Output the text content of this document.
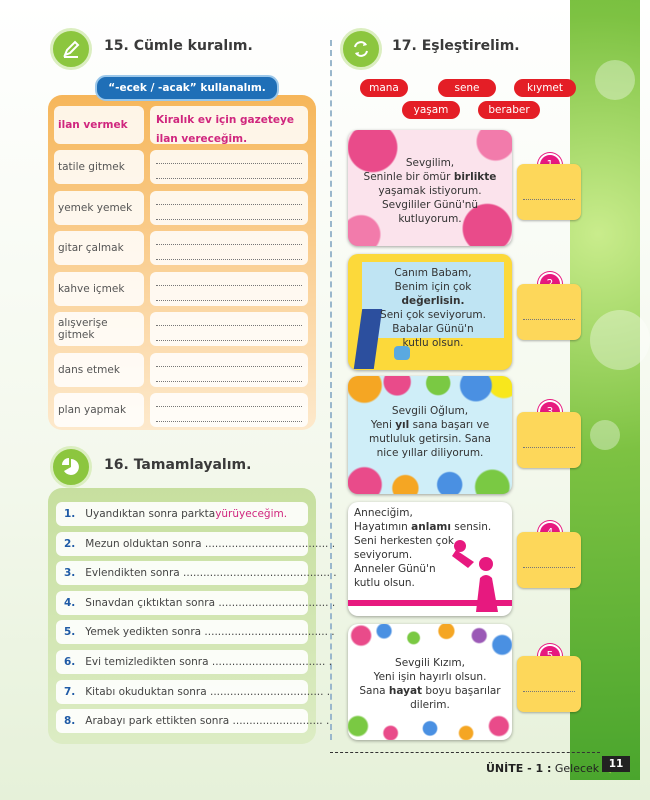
15. Cümle kuralım.
“-ecek / -acak” kullanalım.
ilan vermek	Kiralık ev için gazeteye ilan vereceğim.
tatile gitmek
yemek yemek
gitar çalmak
kahve içmek
alışverişe gitmek
dans etmek
plan yapmak
16. Tamamlayalım.
1. Uyandıktan sonra parkta yürüyeceğim.
2. Mezun olduktan sonra ..................................... .
3. Evlendikten sonra ............................................ .
4. Sınavdan çıktıktan sonra ................................. .
5. Yemek yedikten sonra ..................................... .
6. Evi temizledikten sonra .................................. .
7. Kitabı okuduktan sonra .................................. .
8. Arabayı park ettikten sonra ........................... .
17. Eşleştirelim.
mana	sene	kıymet
yaşam	beraber
Sevgilim,
Seninle bir ömür birlikte
yaşamak istiyorum.
Sevgililer Günü'nü
kutluyorum.
Canım Babam,
Benim için çok değerlisin.
Seni çok seviyorum.
Babalar Günü'n
kutlu olsun.
Sevgili Oğlum,
Yeni yıl sana başarı ve
mutluluk getirsin. Sana
nice yıllar diliyorum.
Anneciğim,
Hayatımın anlamı sensin.
Seni herkesten çok
seviyorum.
Anneler Günü'n
kutlu olsun.
Sevgili Kızım,
Yeni işin hayırlı olsun.
Sana hayat boyu başarılar
dilerim.
ÜNİTE - 1 : Gelecek 11
